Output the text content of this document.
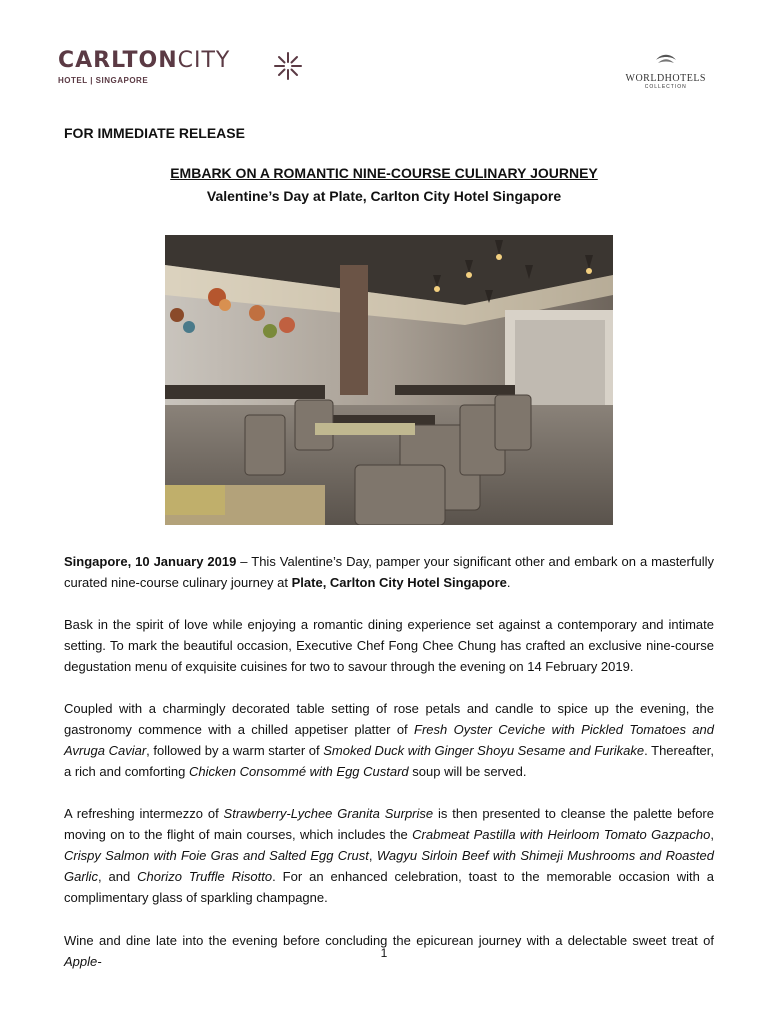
CARLTONCITY
HOTEL | SINGAPORE	WORLDHOTELS
COLLECTION
FOR IMMEDIATE RELEASE
EMBARK ON A ROMANTIC NINE-COURSE CULINARY JOURNEY
Valentine’s Day at Plate, Carlton City Hotel Singapore
Singapore, 10 January 2019 – This Valentine’s Day, pamper your significant other and embark on a masterfully curated nine-course culinary journey at Plate, Carlton City Hotel Singapore.
Bask in the spirit of love while enjoying a romantic dining experience set against a contemporary and intimate setting. To mark the beautiful occasion, Executive Chef Fong Chee Chung has crafted an exclusive nine-course degustation menu of exquisite cuisines for two to savour through the evening on 14 February 2019.
Coupled with a charmingly decorated table setting of rose petals and candle to spice up the evening, the gastronomy commence with a chilled appetiser platter of Fresh Oyster Ceviche with Pickled Tomatoes and Avruga Caviar, followed by a warm starter of Smoked Duck with Ginger Shoyu Sesame and Furikake. Thereafter, a rich and comforting Chicken Consommé with Egg Custard soup will be served.
A refreshing intermezzo of Strawberry-Lychee Granita Surprise is then presented to cleanse the palette before moving on to the flight of main courses, which includes the Crabmeat Pastilla with Heirloom Tomato Gazpacho, Crispy Salmon with Foie Gras and Salted Egg Crust, Wagyu Sirloin Beef with Shimeji Mushrooms and Roasted Garlic, and Chorizo Truffle Risotto. For an enhanced celebration, toast to the memorable occasion with a complimentary glass of sparkling champagne.
Wine and dine late into the evening before concluding the epicurean journey with a delectable sweet treat of Apple-
1
